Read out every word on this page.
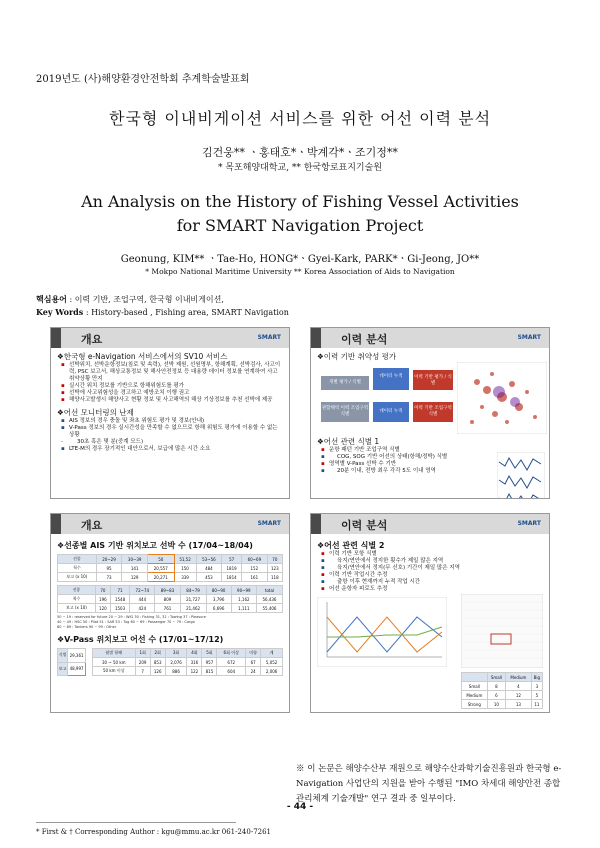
2019년도 (사)해양환경안전학회 추계학술발표회
한국형 이내비게이션 서비스를 위한 어선 이력 분석
김건웅** ㆍ홍태호*ㆍ박계각*ㆍ조기정**
* 목포해양대학교, ** 한국항로표지기술원
An Analysis on the History of Fishing Vessel Activities
for SMART Navigation Project
Geonung, KIM** ㆍTae-Ho, HONG*ㆍGyei-Kark, PARK*ㆍGi-Jeong, JO**
* Mokpo National Maritime University ** Korea Association of Aids to Navigation
핵심용어 : 이력 기반, 조업구역, 한국형 이내비게이션,
Key Words : History-based , Fishing area, SMART Navigation
개요	SMART
❖한국형 e-Navigation 서비스에서의 SV10 서비스
▪ 선박위치, 선박운항정보(침로 및 속력), 선박 제원, 선원명부, 항해계획, 선박검사, 사고이력, PSC 보고서, 해상교통정보 및 해사안전정보 등 대용량 데이터 정보를 연계하여 사고 취약상황 만지
▪ 실시간 위치 정보를 기반으로 항해위험도를 평가
▪ 선박에 사고위험성을 경고하고 예방조치 이행 권고
▪ 해양사고발생시 해양사고 현황 정보 및 사고해역의 해상 기상정보를 추천 선박에 제공
❖어선 모니터링의 난제
▪ AIS 정보의 경우 충돌 및 좌초 위험도 평가 및 경보(안내)
▪ V-Pass 정보의 경우 실시간성을 만족할 수 없으므로 항해 위험도 평가에 이용할 수 없는 상황
- 30초 혹은 몇 분(중계 모드)
▪ LTE-M의 경우 장기적인 대안으로서, 보급에 많은 시간 소요
이력 분석	SMART
❖이력 기반 취약성 평가
개별 평가 / 식별
데이터 누적	이력 기반 평가 / 식별
관할해역 이력 조업구역 식별
데이터 누적
이력 기반 조업구역 식별
❖어선 관련 식별 1
▪ 운항 패턴 기반 조업구역 식별
▪ COG, SOG 기반 어선의 상태(항해/정박) 식별
▪ 영역별 V-Pass 선박 수 기반
▪ 20분 이내, 전방 최우 각각 5도 이내 영역
개요	SMART
❖선종별 AIS 기반 위치보고 선박 수 (17/04~18/04)
선종	20~29	30~39	50	51,52	53~56	57	60~69	70
척수	95	141	20,557	150	484	1819	152	123
보고 (x 10)	73	129	20,271	339	453	1814	161	118
선종	70	71	72~74	89~83	84~79	80~90	90~99	total
척수	196	1548	444	809	21,727	3,796	1,162	56,436
보고 (x 10)	120	1503	424	761	21,462	6,696	1,111	55,406
50 ~ 19 : reserved for future 20 ~ 29 : WIG 30 : Fishing 31, 32 : Towing 37 : Pleasure
40 ~ 49 : HSC 50 : Pilot 51 : SAR 53 : Tug 60 ~ 69 : Passenger 70 ~ 79 : Cargo
80 ~ 89 : Tankers 90 ~ 99 : Other
❖V-Pass 위치보고 어선 수 (17/01~17/12)
식별	29,361
보고	48,997
월별 항해	1회	2회	3회	4회	5회	6회 이상	미항	계
30 ~ 50 km	209	853	2,076	316	957	672	67	5,052
50 km 이상	7	126	886	122	815	604	24	2,006
이력 분석	SMART
❖어선 관련 식별 2
▪ 이력 기반 모항 식별
▪ 육지/연안에서 정지한 횟수가 제일 많은 지역
▪ 육지/연안에서 정지(무 신호) 기간이 제일 많은 지역
▪ 이력 기반 작업시간 추정
▪ 출항 이후 현재까지 누적 작업 시간
▪ 어선 운항자 피로도 추정
	Small	Medium	Big
Small	8	4	3
Medium	6	12	5
Strong	10	13	11
※ 이 논문은 해양수산부 재원으로 해양수산과학기술진흥원과 한국형 e-Navigation 사업단의 지원을 받아 수행된 "IMO 차세대 해양안전 종합관리체계 기술개발" 연구 결과 중 일부이다.
- 44 -
* First & † Corresponding Author : kgu@mmu.ac.kr 061-240-7261
